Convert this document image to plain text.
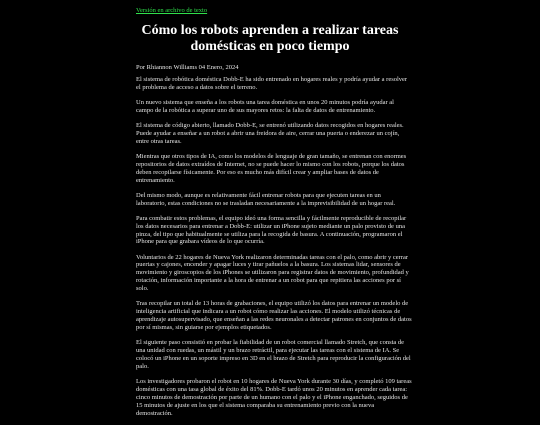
Versión en archivo de texto
Cómo los robots aprenden a realizar tareas domésticas en poco tiempo
Por Rhiannon Williams 04 Enero, 2024

El sistema de robótica doméstica Dobb-E ha sido entrenado en hogares reales y podría ayudar a resolver el problema de acceso a datos sobre el terreno.

Un nuevo sistema que enseña a los robots una tarea doméstica en unos 20 minutos podría ayudar al campo de la robótica a superar uno de sus mayores retos: la falta de datos de entrenamiento.

El sistema de código abierto, llamado Dobb-E, se entrenó utilizando datos recogidos en hogares reales. Puede ayudar a enseñar a un robot a abrir una freidora de aire, cerrar una puerta o enderezar un cojín, entre otras tareas.

Mientras que otros tipos de IA, como los modelos de lenguaje de gran tamaño, se entrenan con enormes repositorios de datos extraídos de Internet, no se puede hacer lo mismo con los robots, porque los datos deben recopilarse físicamente. Por eso es mucho más difícil crear y ampliar bases de datos de entrenamiento.

Del mismo modo, aunque es relativamente fácil entrenar robots para que ejecuten tareas en un laboratorio, estas condiciones no se trasladan necesariamente a la imprevisibilidad de un hogar real.

Para combatir estos problemas, el equipo ideó una forma sencilla y fácilmente reproducible de recopilar los datos necesarios para entrenar a Dobb-E: utilizar un iPhone sujeto mediante un palo provisto de una pinza, del tipo que habitualmente se utiliza para la recogida de basura. A continuación, programaron el iPhone para que grabara vídeos de lo que ocurría.

Voluntarios de 22 hogares de Nueva York realizaron determinadas tareas con el palo, como abrir y cerrar puertas y cajones, encender y apagar luces y tirar pañuelos a la basura. Los sistemas lidar, sensores de movimiento y giroscopios de los iPhones se utilizaron para registrar datos de movimiento, profundidad y rotación, información importante a la hora de entrenar a un robot para que repitiera las acciones por sí solo.

Tras recopilar un total de 13 horas de grabaciones, el equipo utilizó los datos para entrenar un modelo de inteligencia artificial que indicara a un robot cómo realizar las acciones. El modelo utilizó técnicas de aprendizaje autosupervisado, que enseñan a las redes neuronales a detectar patrones en conjuntos de datos por sí mismas, sin guiarse por ejemplos etiquetados.

El siguiente paso consistió en probar la fiabilidad de un robot comercial llamado Stretch, que consta de una unidad con ruedas, un mástil y un brazo retráctil, para ejecutar las tareas con el sistema de IA. Se colocó un iPhone en un soporte impreso en 3D en el brazo de Stretch para reproducir la configuración del palo.

Los investigadores probaron el robot en 10 hogares de Nueva York durante 30 días, y completó 109 tareas domésticas con una tasa global de éxito del 81%. Dobb-E tardó unos 20 minutos en aprender cada tarea: cinco minutos de demostración por parte de un humano con el palo y el iPhone enganchado, seguidos de 15 minutos de ajuste en los que el sistema comparaba su entrenamiento previo con la nueva demostración.
